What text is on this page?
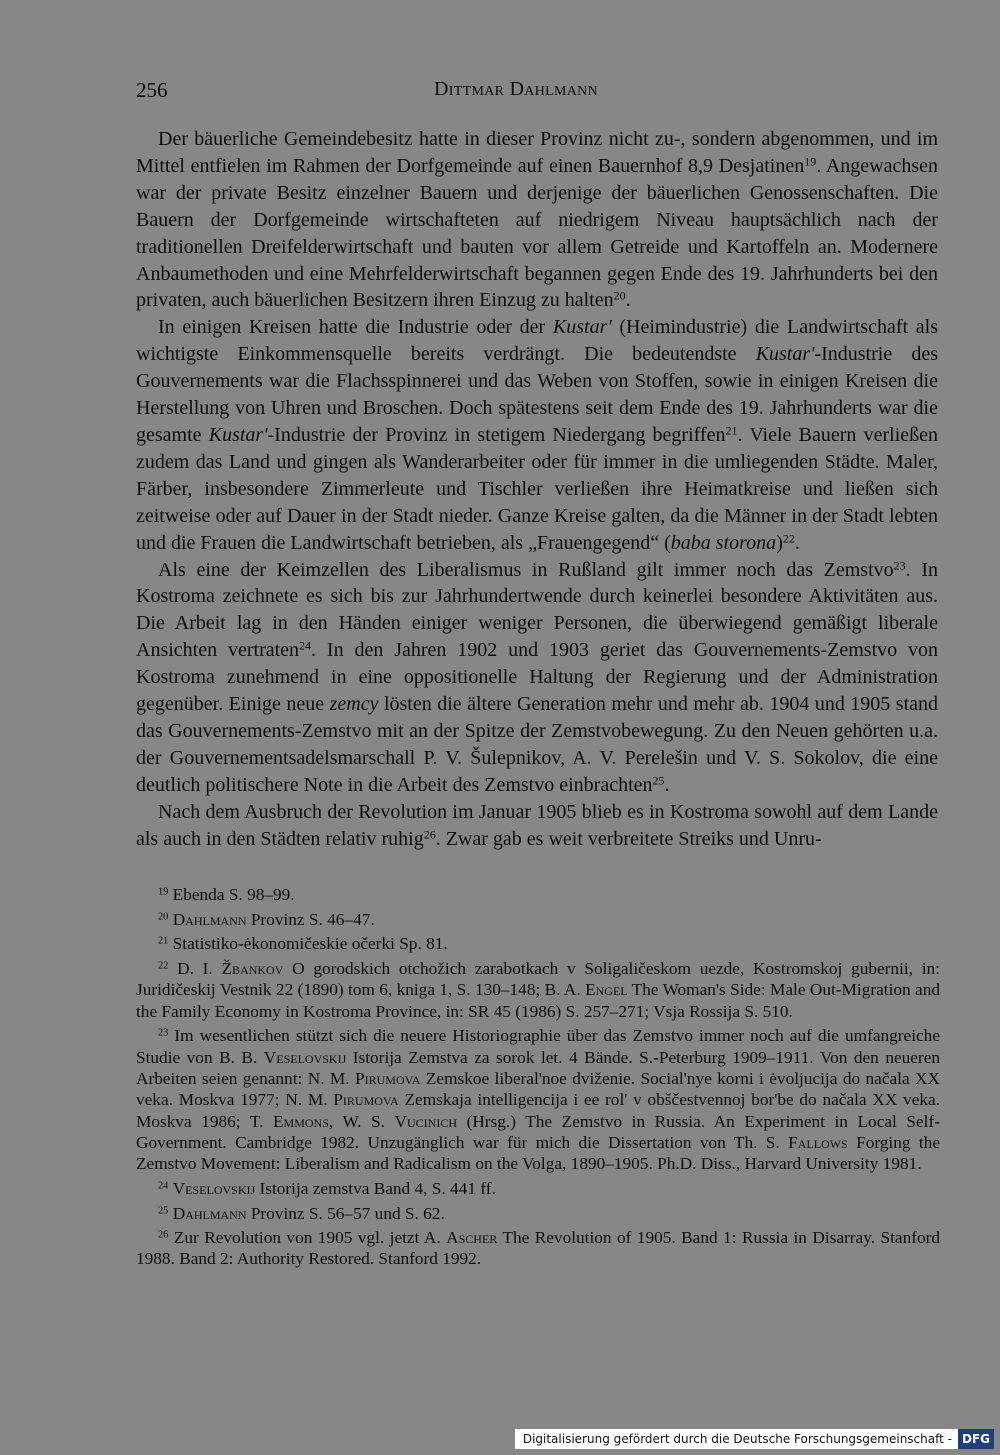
256	Dittmar Dahlmann

Der bäuerliche Gemeindebesitz hatte in dieser Provinz nicht zu-, sondern abgenommen, und im Mittel entfielen im Rahmen der Dorfgemeinde auf einen Bauernhof 8,9 Desjatinen$^{19}$. Angewachsen war der private Besitz einzelner Bauern und derjenige der bäuerlichen Genossenschaften. Die Bauern der Dorfgemeinde wirtschafteten auf niedrigem Niveau hauptsächlich nach der traditionellen Dreifelderwirtschaft und bauten vor allem Getreide und Kartoffeln an. Modernere Anbaumethoden und eine Mehrfelderwirtschaft begannen gegen Ende des 19. Jahrhunderts bei den privaten, auch bäuerlichen Besitzern ihren Einzug zu halten$^{20}$.

In einigen Kreisen hatte die Industrie oder der Kustar' (Heimindustrie) die Landwirtschaft als wichtigste Einkommensquelle bereits verdrängt. Die bedeutendste Kustar'-Industrie des Gouvernements war die Flachsspinnerei und das Weben von Stoffen, sowie in einigen Kreisen die Herstellung von Uhren und Broschen. Doch spätestens seit dem Ende des 19. Jahrhunderts war die gesamte Kustar'-Industrie der Provinz in stetigem Niedergang begriffen$^{21}$. Viele Bauern verließen zudem das Land und gingen als Wanderarbeiter oder für immer in die umliegenden Städte. Maler, Färber, insbesondere Zimmerleute und Tischler verließen ihre Heimatkreise und ließen sich zeitweise oder auf Dauer in der Stadt nieder. Ganze Kreise galten, da die Männer in der Stadt lebten und die Frauen die Landwirtschaft betrieben, als „Frauengegend“ (baba storona)$^{22}$.

Als eine der Keimzellen des Liberalismus in Rußland gilt immer noch das Zemstvo$^{23}$. In Kostroma zeichnete es sich bis zur Jahrhundertwende durch keinerlei besondere Aktivitäten aus. Die Arbeit lag in den Händen einiger weniger Personen, die überwiegend gemäßigt liberale Ansichten vertraten$^{24}$. In den Jahren 1902 und 1903 geriet das Gouvernements-Zemstvo von Kostroma zunehmend in eine oppositionelle Haltung der Regierung und der Administration gegenüber. Einige neue zemcy lösten die ältere Generation mehr und mehr ab. 1904 und 1905 stand das Gouvernements-Zemstvo mit an der Spitze der Zemstvobewegung. Zu den Neuen gehörten u.a. der Gouvernementsadelsmarschall P. V. Šulepnikov, A. V. Perelešin und V. S. Sokolov, die eine deutlich politischere Note in die Arbeit des Zemstvo einbrachten$^{25}$.

Nach dem Ausbruch der Revolution im Januar 1905 blieb es in Kostroma sowohl auf dem Lande als auch in den Städten relativ ruhig$^{26}$. Zwar gab es weit verbreitete Streiks und Unru-

$^{19}$ Ebenda S. 98–99.

$^{20}$ Dahlmann Provinz S. 46–47.

$^{21}$ Statistiko-ėkonomičeskie očerki Sp. 81.

$^{22}$ D. I. Žbankov O gorodskich otchožich zarabotkach v Soligaličeskom uezde, Kostromskoj gubernii, in: Juridičeskij Vestnik 22 (1890) tom 6, kniga 1, S. 130–148; B. A. Engel The Woman's Side: Male Out-Migration and the Family Economy in Kostroma Province, in: SR 45 (1986) S. 257–271; Vsja Rossija S. 510.

$^{23}$ Im wesentlichen stützt sich die neuere Historiographie über das Zemstvo immer noch auf die umfangreiche Studie von B. B. Veselovskij Istorija Zemstva za sorok let. 4 Bände. S.-Peterburg 1909–1911. Von den neueren Arbeiten seien genannt: N. M. Pirumova Zemskoe liberal'noe dviženie. Social'nye korni i ėvoljucija do načala XX veka. Moskva 1977; N. M. Pirumova Zemskaja intelligencija i ee rol' v obščestvennoj bor'be do načala XX veka. Moskva 1986; T. Emmons, W. S. Vucinich (Hrsg.) The Zemstvo in Russia. An Experiment in Local Self-Government. Cambridge 1982. Unzugänglich war für mich die Dissertation von Th. S. Fallows Forging the Zemstvo Movement: Liberalism and Radicalism on the Volga, 1890–1905. Ph.D. Diss., Harvard University 1981.

$^{24}$ Veselovskij Istorija zemstva Band 4, S. 441 ff.

$^{25}$ Dahlmann Provinz S. 56–57 und S. 62.

$^{26}$ Zur Revolution von 1905 vgl. jetzt A. Ascher The Revolution of 1905. Band 1: Russia in Disarray. Stanford 1988. Band 2: Authority Restored. Stanford 1992.

Digitalisierung gefördert durch die Deutsche Forschungsgemeinschaft - DFG
